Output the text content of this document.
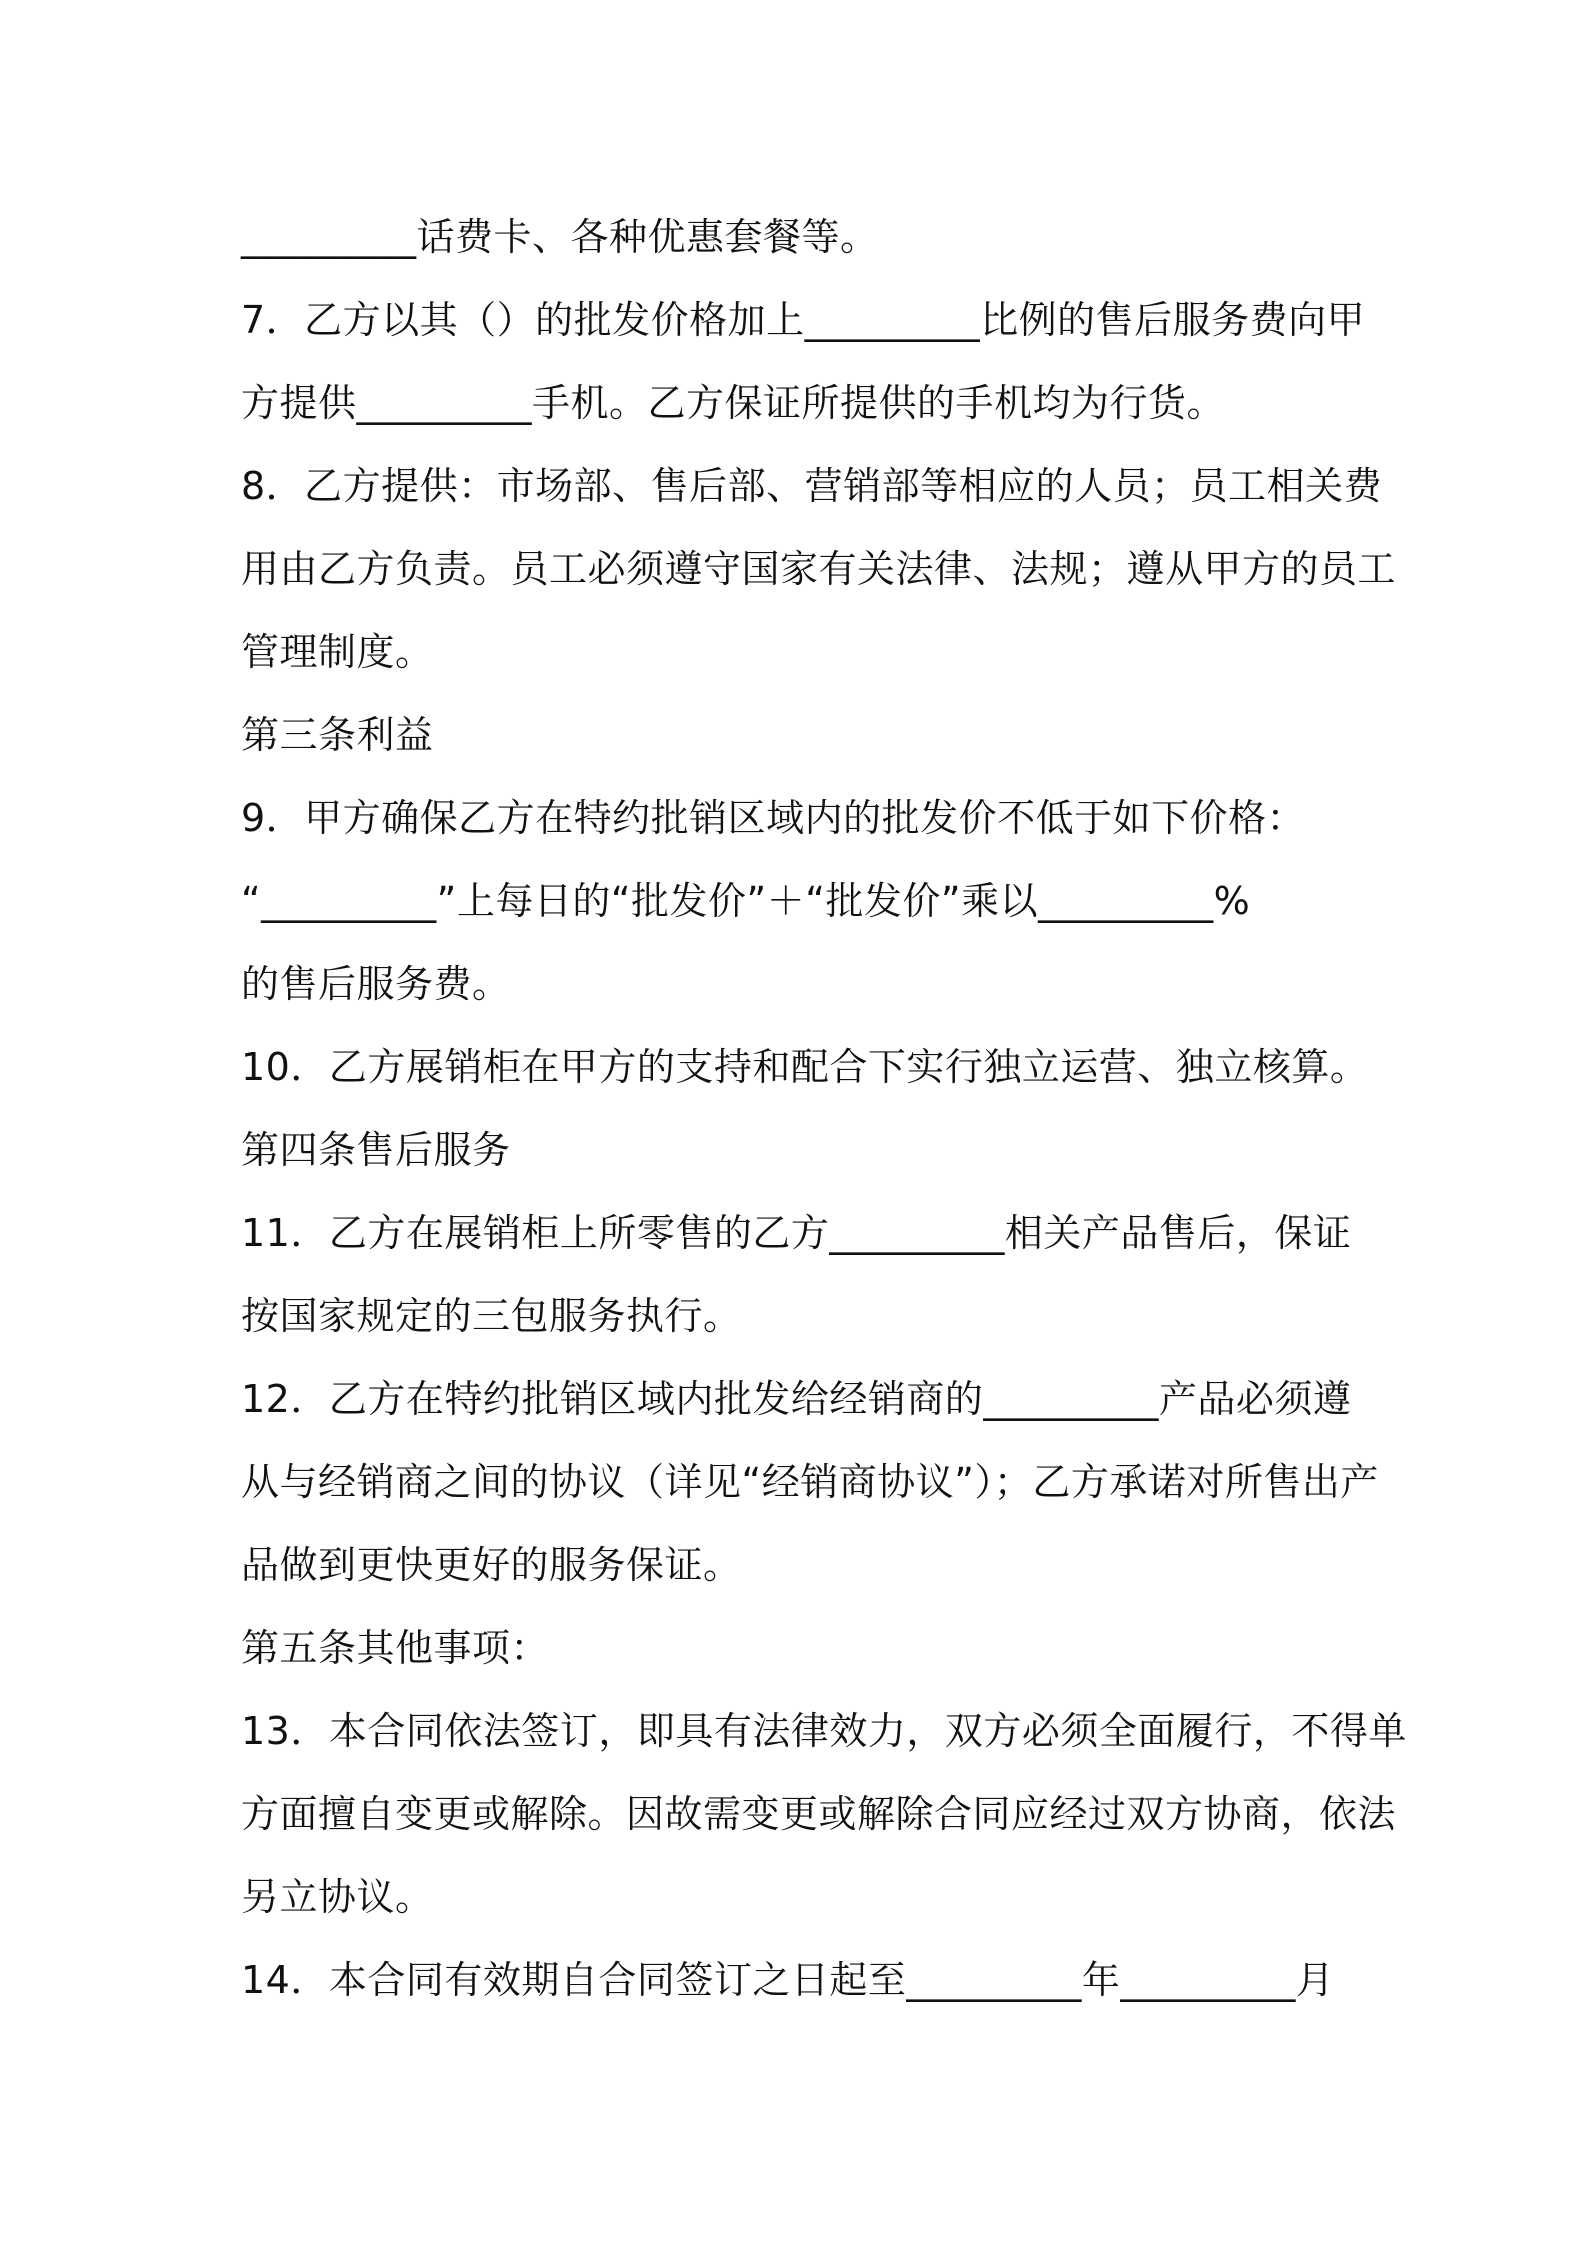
_________话费卡、各种优惠套餐等。
7．乙方以其（）的批发价格加上_________比例的售后服务费向甲
方提供_________手机。乙方保证所提供的手机均为行货。
8．乙方提供：市场部、售后部、营销部等相应的人员；员工相关费
用由乙方负责。员工必须遵守国家有关法律、法规；遵从甲方的员工
管理制度。
第三条利益
9．甲方确保乙方在特约批销区域内的批发价不低于如下价格：
“_________”上每日的“批发价”＋“批发价”乘以_________%
的售后服务费。
10．乙方展销柜在甲方的支持和配合下实行独立运营、独立核算。
第四条售后服务
11．乙方在展销柜上所零售的乙方_________相关产品售后，保证
按国家规定的三包服务执行。
12．乙方在特约批销区域内批发给经销商的_________产品必须遵
从与经销商之间的协议（详见“经销商协议”）；乙方承诺对所售出产
品做到更快更好的服务保证。
第五条其他事项：
13．本合同依法签订，即具有法律效力，双方必须全面履行，不得单
方面擅自变更或解除。因故需变更或解除合同应经过双方协商，依法
另立协议。
14．本合同有效期自合同签订之日起至_________年_________月
